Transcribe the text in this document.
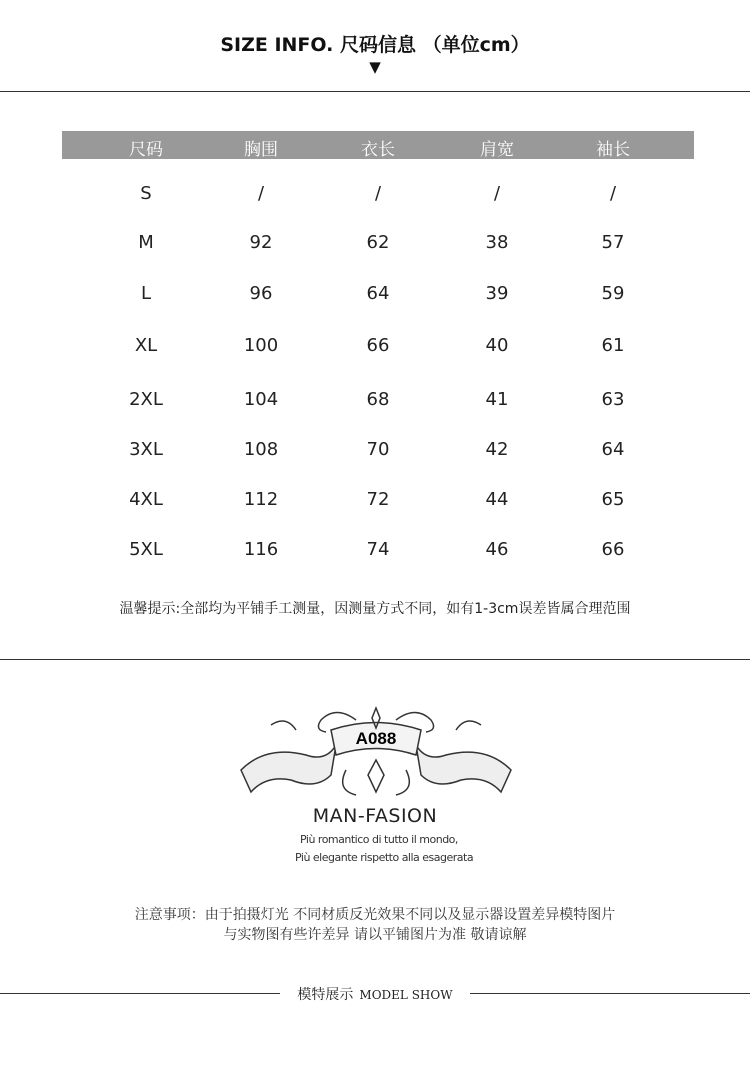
SIZE INFO. 尺码信息 （单位cm）
▼
尺码	胸围	衣长	肩宽	袖长
S	/	/	/	/
M	92	62	38	57
L	96	64	39	59
XL	100	66	40	61
2XL	104	68	41	63
3XL	108	70	42	64
4XL	112	72	44	65
5XL	116	74	46	66
温馨提示:全部均为平铺手工测量，因测量方式不同，如有1-3cm误差皆属合理范围
A088
MAN-FASION
Più romantico di tutto il mondo,
Più elegante rispetto alla esagerata
注意事项：由于拍摄灯光 不同材质反光效果不同以及显示器设置差异模特图片
与实物图有些许差异 请以平铺图片为准 敬请谅解
模特展示 MODEL SHOW
